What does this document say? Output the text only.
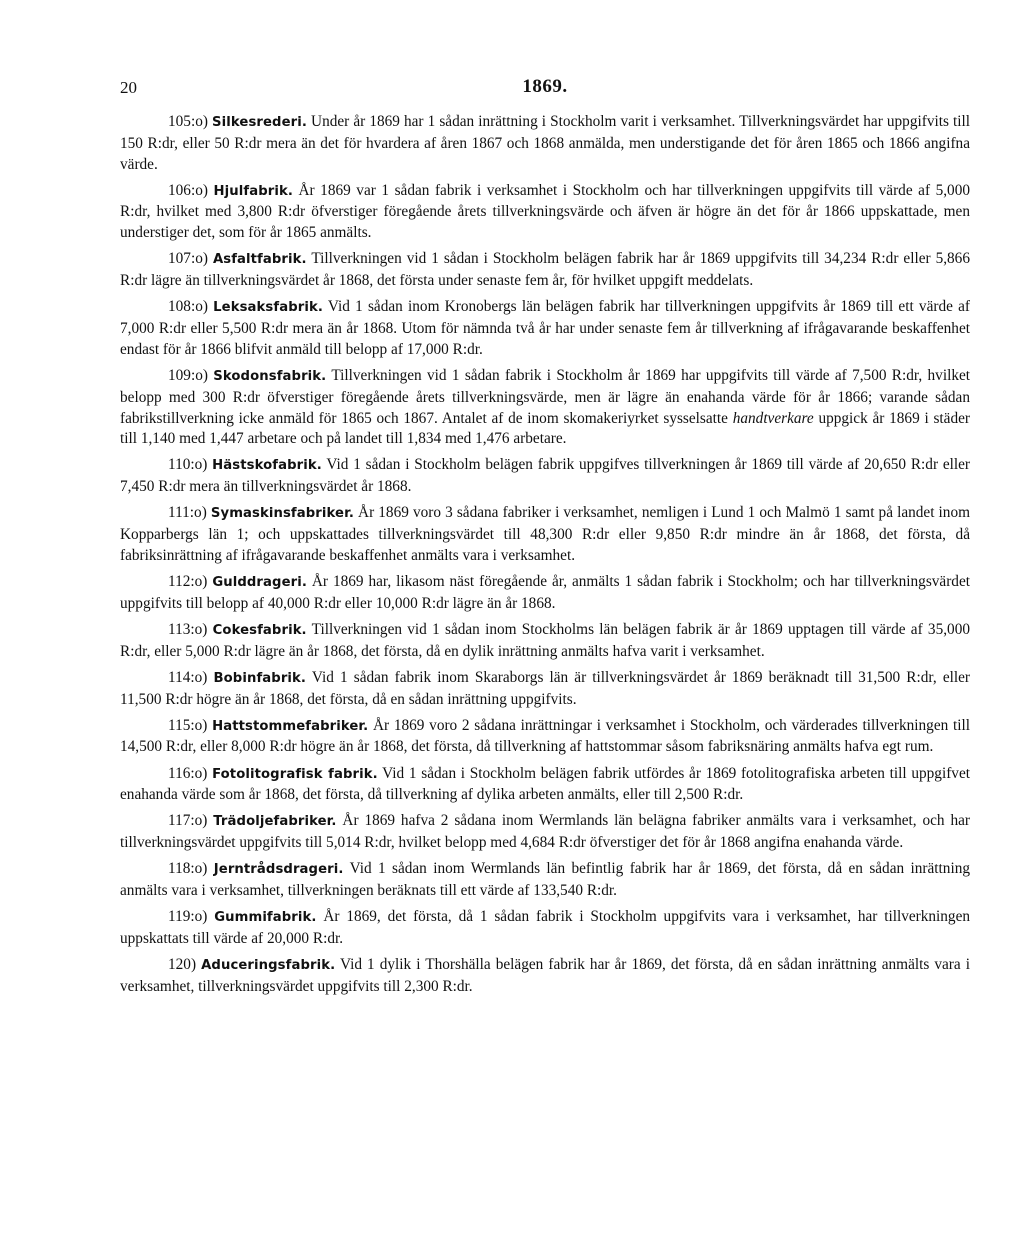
20	1869.

105:o) Silkesrederi. Under år 1869 har 1 sådan inrättning i Stockholm varit i verksamhet. Tillverkningsvärdet har uppgifvits till 150 R:dr, eller 50 R:dr mera än det för hvardera af åren 1867 och 1868 anmälda, men understigande det för åren 1865 och 1866 angifna värde.

106:o) Hjulfabrik. År 1869 var 1 sådan fabrik i verksamhet i Stockholm och har tillverkningen uppgifvits till värde af 5,000 R:dr, hvilket med 3,800 R:dr öfverstiger föregående årets tillverkningsvärde och äfven är högre än det för år 1866 uppskattade, men understiger det, som för år 1865 anmälts.

107:o) Asfaltfabrik. Tillverkningen vid 1 sådan i Stockholm belägen fabrik har år 1869 uppgifvits till 34,234 R:dr eller 5,866 R:dr lägre än tillverkningsvärdet år 1868, det första under senaste fem år, för hvilket uppgift meddelats.

108:o) Leksaksfabrik. Vid 1 sådan inom Kronobergs län belägen fabrik har tillverkningen uppgifvits år 1869 till ett värde af 7,000 R:dr eller 5,500 R:dr mera än år 1868. Utom för nämnda två år har under senaste fem år tillverkning af ifrågavarande beskaffenhet endast för år 1866 blifvit anmäld till belopp af 17,000 R:dr.

109:o) Skodonsfabrik. Tillverkningen vid 1 sådan fabrik i Stockholm år 1869 har uppgifvits till värde af 7,500 R:dr, hvilket belopp med 300 R:dr öfverstiger föregående årets tillverkningsvärde, men är lägre än enahanda värde för år 1866; varande sådan fabrikstillverkning icke anmäld för 1865 och 1867. Antalet af de inom skomakeriyrket sysselsatte handtverkare uppgick år 1869 i städer till 1,140 med 1,447 arbetare och på landet till 1,834 med 1,476 arbetare.

110:o) Hästskofabrik. Vid 1 sådan i Stockholm belägen fabrik uppgifves tillverkningen år 1869 till värde af 20,650 R:dr eller 7,450 R:dr mera än tillverkningsvärdet år 1868.

111:o) Symaskinsfabriker. År 1869 voro 3 sådana fabriker i verksamhet, nemligen i Lund 1 och Malmö 1 samt på landet inom Kopparbergs län 1; och uppskattades tillverkningsvärdet till 48,300 R:dr eller 9,850 R:dr mindre än år 1868, det första, då fabriksinrättning af ifrågavarande beskaffenhet anmälts vara i verksamhet.

112:o) Gulddrageri. År 1869 har, likasom näst föregående år, anmälts 1 sådan fabrik i Stockholm; och har tillverkningsvärdet uppgifvits till belopp af 40,000 R:dr eller 10,000 R:dr lägre än år 1868.

113:o) Cokesfabrik. Tillverkningen vid 1 sådan inom Stockholms län belägen fabrik är år 1869 upptagen till värde af 35,000 R:dr, eller 5,000 R:dr lägre än år 1868, det första, då en dylik inrättning anmälts hafva varit i verksamhet.

114:o) Bobinfabrik. Vid 1 sådan fabrik inom Skaraborgs län är tillverkningsvärdet år 1869 beräknadt till 31,500 R:dr, eller 11,500 R:dr högre än år 1868, det första, då en sådan inrättning uppgifvits.

115:o) Hattstommefabriker. År 1869 voro 2 sådana inrättningar i verksamhet i Stockholm, och värderades tillverkningen till 14,500 R:dr, eller 8,000 R:dr högre än år 1868, det första, då tillverkning af hattstommar såsom fabriksnäring anmälts hafva egt rum.

116:o) Fotolitografisk fabrik. Vid 1 sådan i Stockholm belägen fabrik utfördes år 1869 fotolitografiska arbeten till uppgifvet enahanda värde som år 1868, det första, då tillverkning af dylika arbeten anmälts, eller till 2,500 R:dr.

117:o) Trädoljefabriker. År 1869 hafva 2 sådana inom Wermlands län belägna fabriker anmälts vara i verksamhet, och har tillverkningsvärdet uppgifvits till 5,014 R:dr, hvilket belopp med 4,684 R:dr öfverstiger det för år 1868 angifna enahanda värde.

118:o) Jerntrådsdrageri. Vid 1 sådan inom Wermlands län befintlig fabrik har år 1869, det första, då en sådan inrättning anmälts vara i verksamhet, tillverkningen beräknats till ett värde af 133,540 R:dr.

119:o) Gummifabrik. År 1869, det första, då 1 sådan fabrik i Stockholm uppgifvits vara i verksamhet, har tillverkningen uppskattats till värde af 20,000 R:dr.

120) Aduceringsfabrik. Vid 1 dylik i Thorshälla belägen fabrik har år 1869, det första, då en sådan inrättning anmälts vara i verksamhet, tillverkningsvärdet uppgifvits till 2,300 R:dr.
